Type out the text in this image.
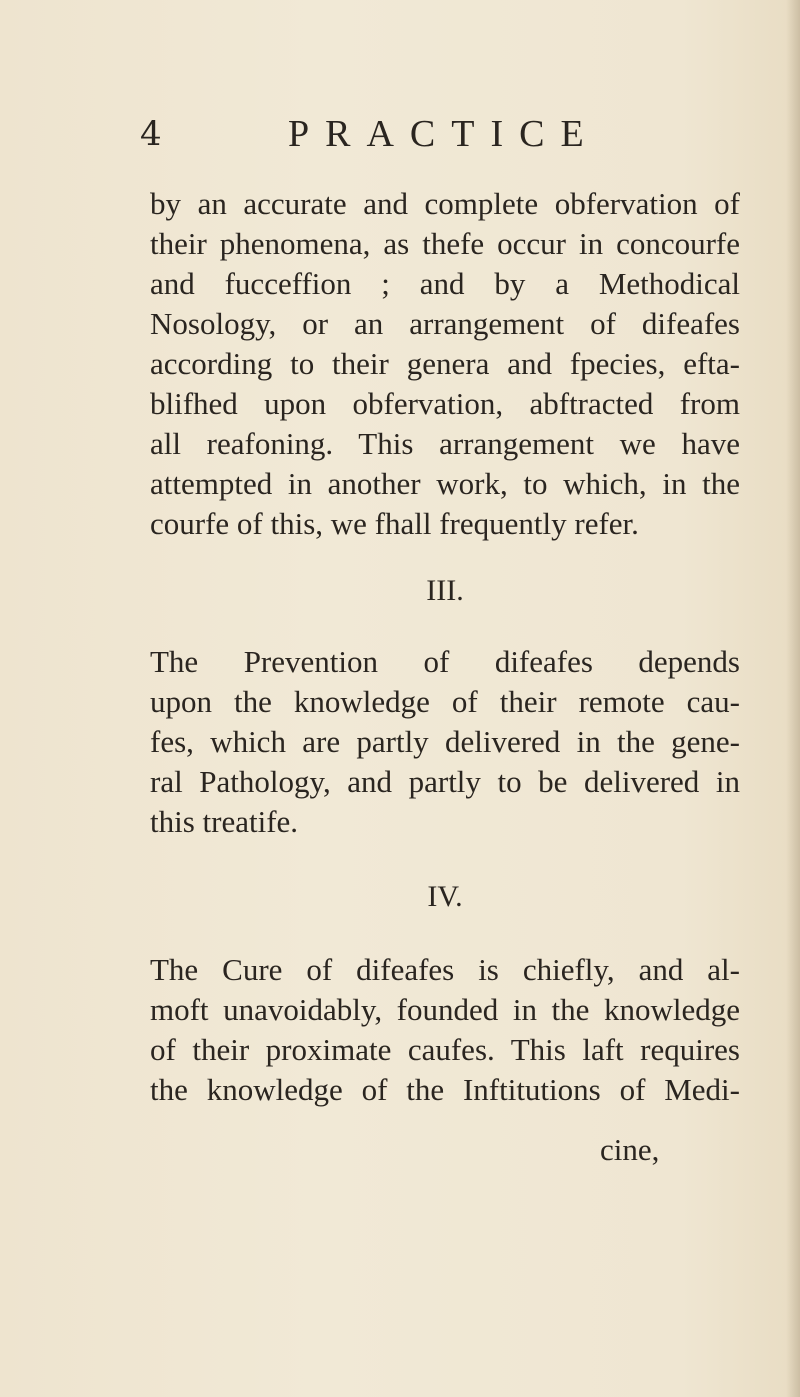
4	PRACTICE
by an accurate and complete obfervation of
their phenomena, as thefe occur in concourfe
and fucceffion ; and by a Methodical
Nosology, or an arrangement of difeafes
according to their genera and fpecies, efta-
blifhed upon obfervation, abftracted from
all reafoning. This arrangement we have
attempted in another work, to which, in the
courfe of this, we fhall frequently refer.
III.
The Prevention of difeafes depends
upon the knowledge of their remote cau-
fes, which are partly delivered in the gene-
ral Pathology, and partly to be delivered in
this treatife.
IV.
The Cure of difeafes is chiefly, and al-
moft unavoidably, founded in the knowledge
of their proximate caufes. This laft requires
the knowledge of the Inftitutions of Medi-
cine,
